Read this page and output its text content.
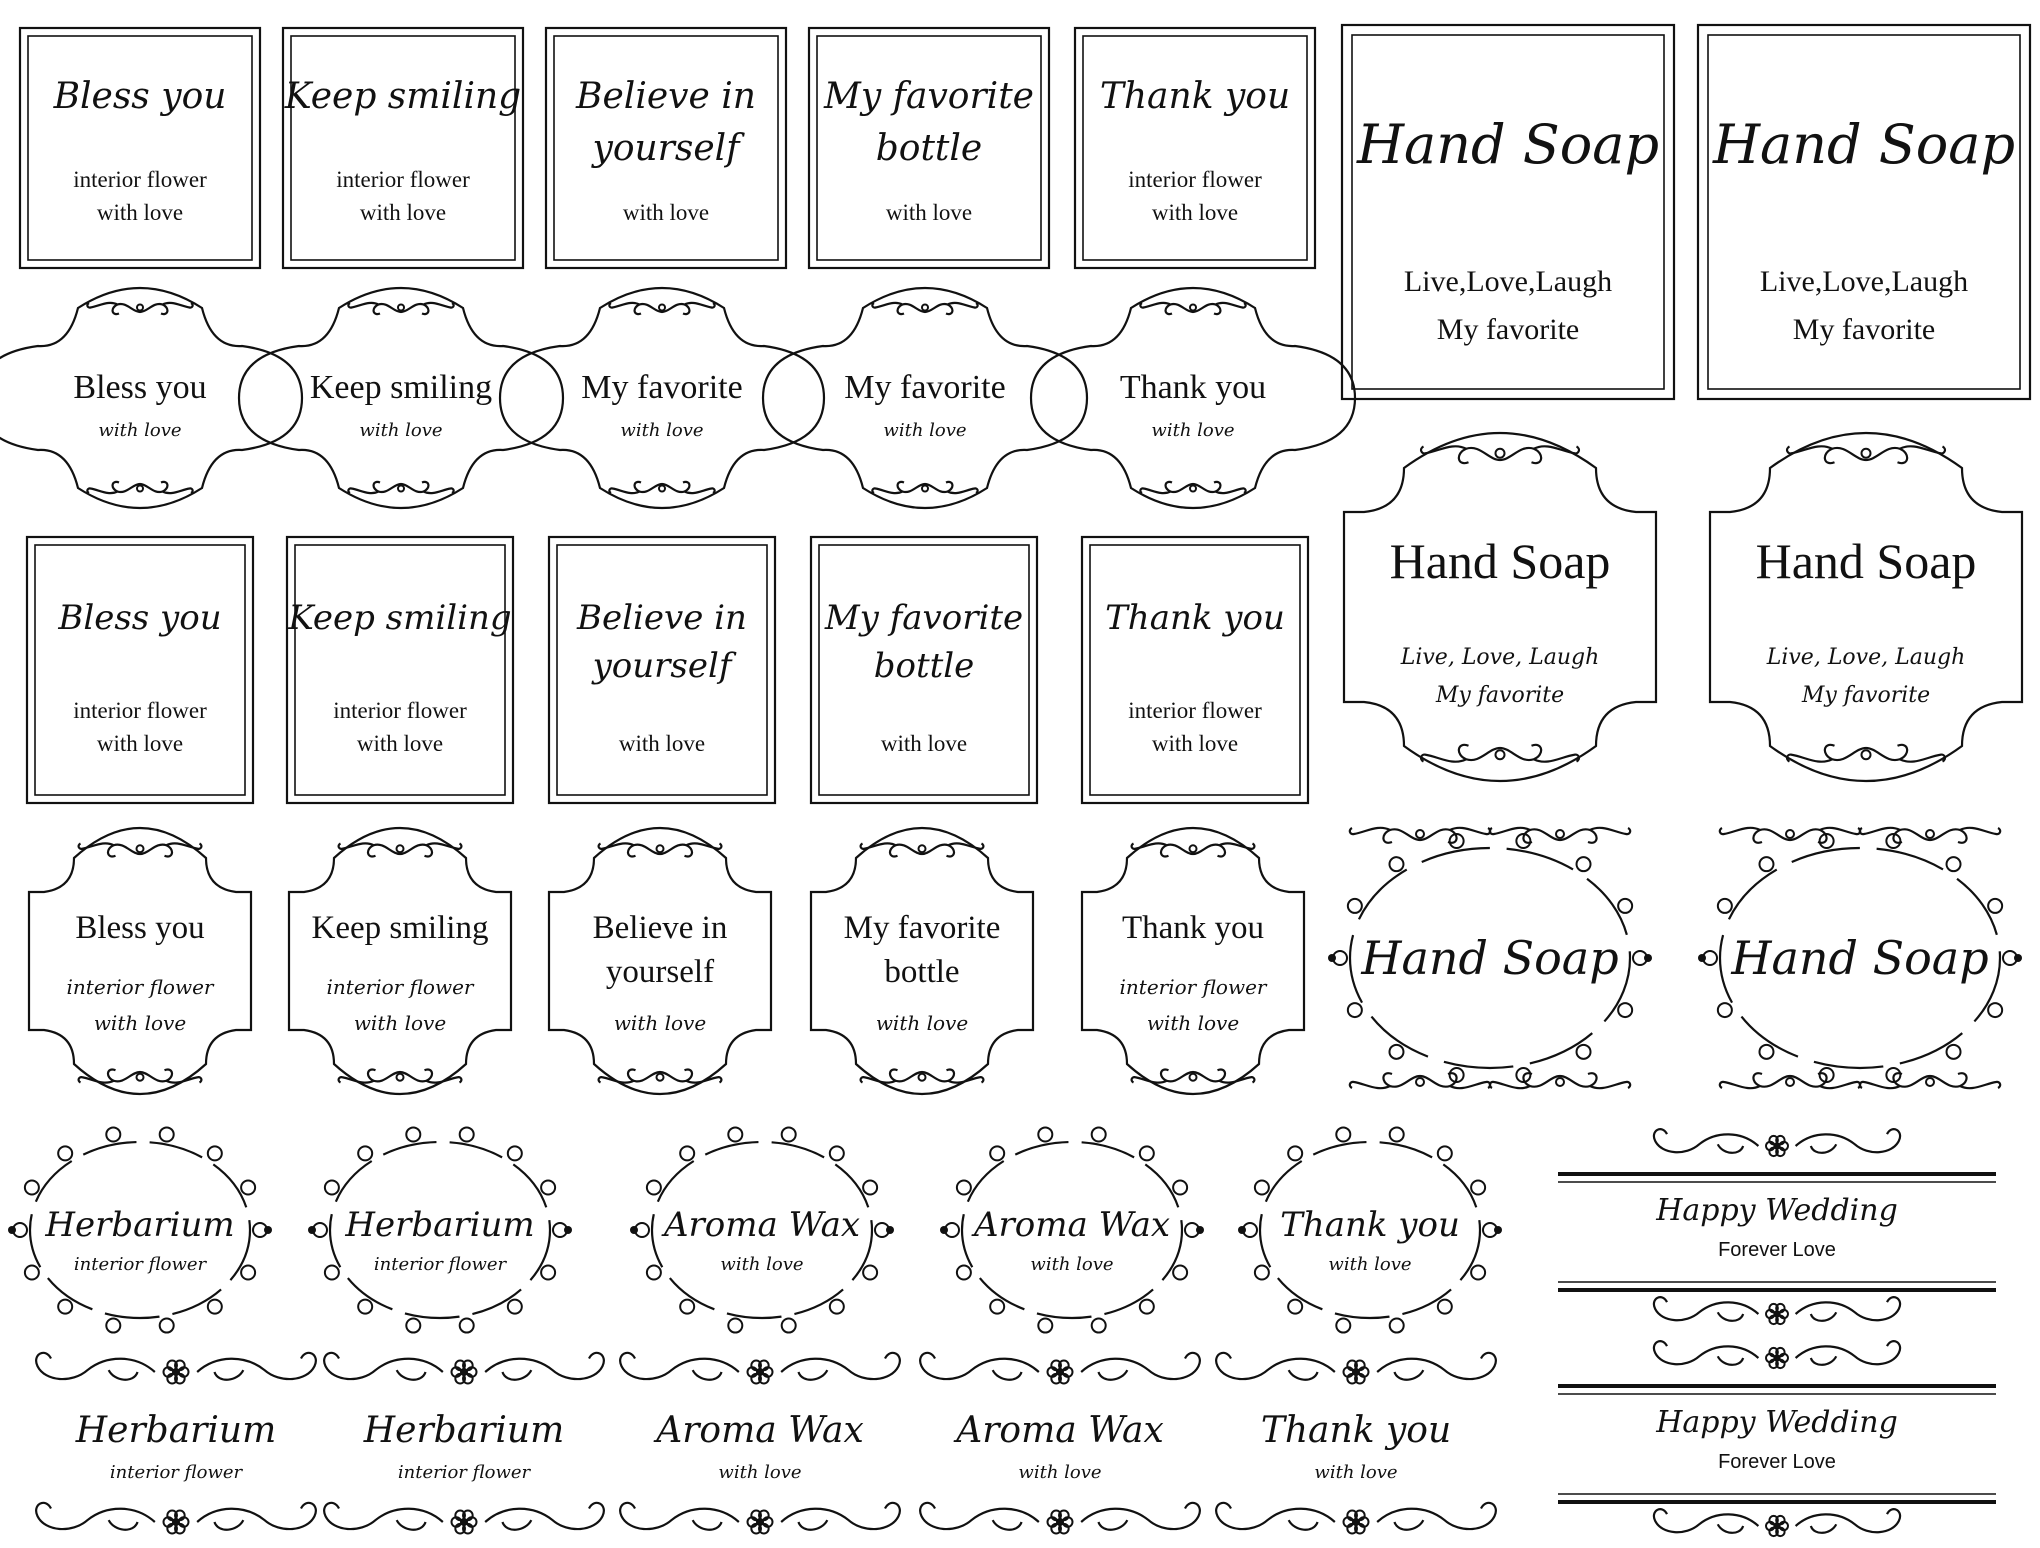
Bless you
interior flower
with love
Keep smiling
interior flower
with love
Believe in
yourself
with love
My favorite
bottle
with love
Thank you
interior flower
with love
Hand Soap
Live,Love,Laugh
My favorite
Hand Soap
Live,Love,Laugh
My favorite
Bless you
with love
Keep smiling
with love
My favorite
with love
My favorite
with love
Thank you
with love
Bless you
interior flower
with love
Keep smiling
interior flower
with love
Believe in
yourself
with love
My favorite
bottle
with love
Thank you
interior flower
with love
Hand Soap
Live, Love, Laugh
My favorite
Hand Soap
Live, Love, Laugh
My favorite
Bless you
interior flower
with love
Keep smiling
interior flower
with love
Believe in
yourself
with love
My favorite
bottle
with love
Thank you
interior flower
with love
Hand Soap Hand Soap
Herbarium
interior flower
Herbarium
interior flower
Aroma Wax
with love
Aroma Wax
with love
Thank you
with love
Happy Wedding
Forever Love
Happy Wedding
Forever Love
Herbarium
interior flower
Herbarium
interior flower
Aroma Wax
with love
Aroma Wax
with love
Thank you
with love
